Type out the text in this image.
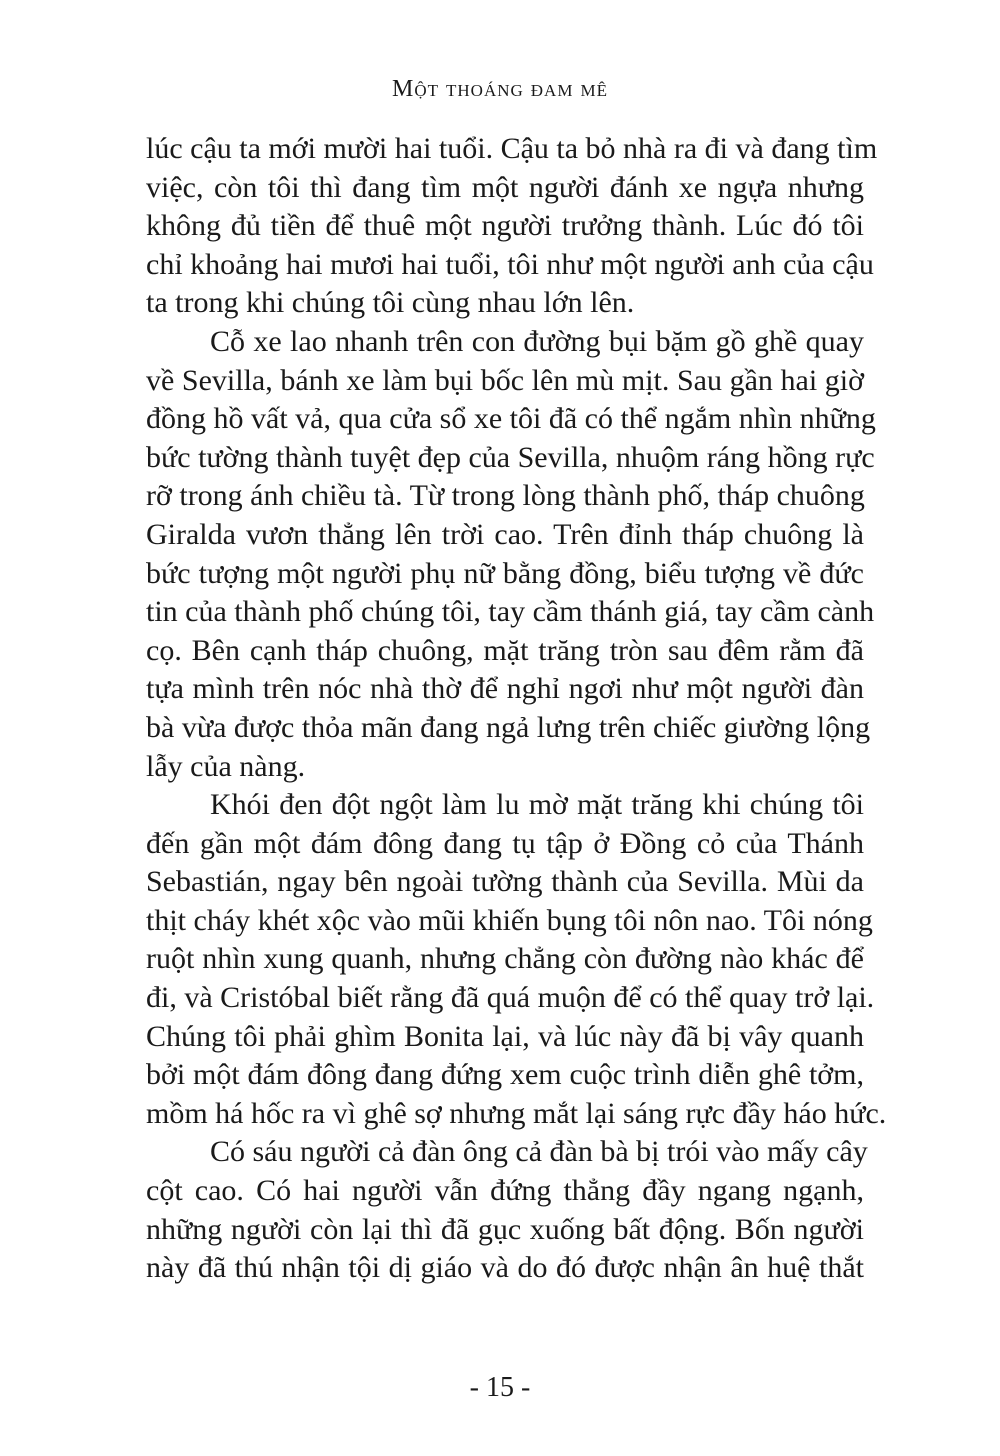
Một thoáng đam mê
lúc cậu ta mới mười hai tuổi. Cậu ta bỏ nhà ra đi và đang tìm
việc, còn tôi thì đang tìm một người đánh xe ngựa nhưng
không đủ tiền để thuê một người trưởng thành. Lúc đó tôi
chỉ khoảng hai mươi hai tuổi, tôi như một người anh của cậu
ta trong khi chúng tôi cùng nhau lớn lên.
Cỗ xe lao nhanh trên con đường bụi bặm gồ ghề quay
về Sevilla, bánh xe làm bụi bốc lên mù mịt. Sau gần hai giờ
đồng hồ vất vả, qua cửa sổ xe tôi đã có thể ngắm nhìn những
bức tường thành tuyệt đẹp của Sevilla, nhuộm ráng hồng rực
rỡ trong ánh chiều tà. Từ trong lòng thành phố, tháp chuông
Giralda vươn thẳng lên trời cao. Trên đỉnh tháp chuông là
bức tượng một người phụ nữ bằng đồng, biểu tượng về đức
tin của thành phố chúng tôi, tay cầm thánh giá, tay cầm cành
cọ. Bên cạnh tháp chuông, mặt trăng tròn sau đêm rằm đã
tựa mình trên nóc nhà thờ để nghỉ ngơi như một người đàn
bà vừa được thỏa mãn đang ngả lưng trên chiếc giường lộng
lẫy của nàng.
Khói đen đột ngột làm lu mờ mặt trăng khi chúng tôi
đến gần một đám đông đang tụ tập ở Đồng cỏ của Thánh
Sebastián, ngay bên ngoài tường thành của Sevilla. Mùi da
thịt cháy khét xộc vào mũi khiến bụng tôi nôn nao. Tôi nóng
ruột nhìn xung quanh, nhưng chẳng còn đường nào khác để
đi, và Cristóbal biết rằng đã quá muộn để có thể quay trở lại.
Chúng tôi phải ghìm Bonita lại, và lúc này đã bị vây quanh
bởi một đám đông đang đứng xem cuộc trình diễn ghê tởm,
mồm há hốc ra vì ghê sợ nhưng mắt lại sáng rực đầy háo hức.
Có sáu người cả đàn ông cả đàn bà bị trói vào mấy cây
cột cao. Có hai người vẫn đứng thẳng đầy ngang ngạnh,
những người còn lại thì đã gục xuống bất động. Bốn người
này đã thú nhận tội dị giáo và do đó được nhận ân huệ thắt
- 15 -
